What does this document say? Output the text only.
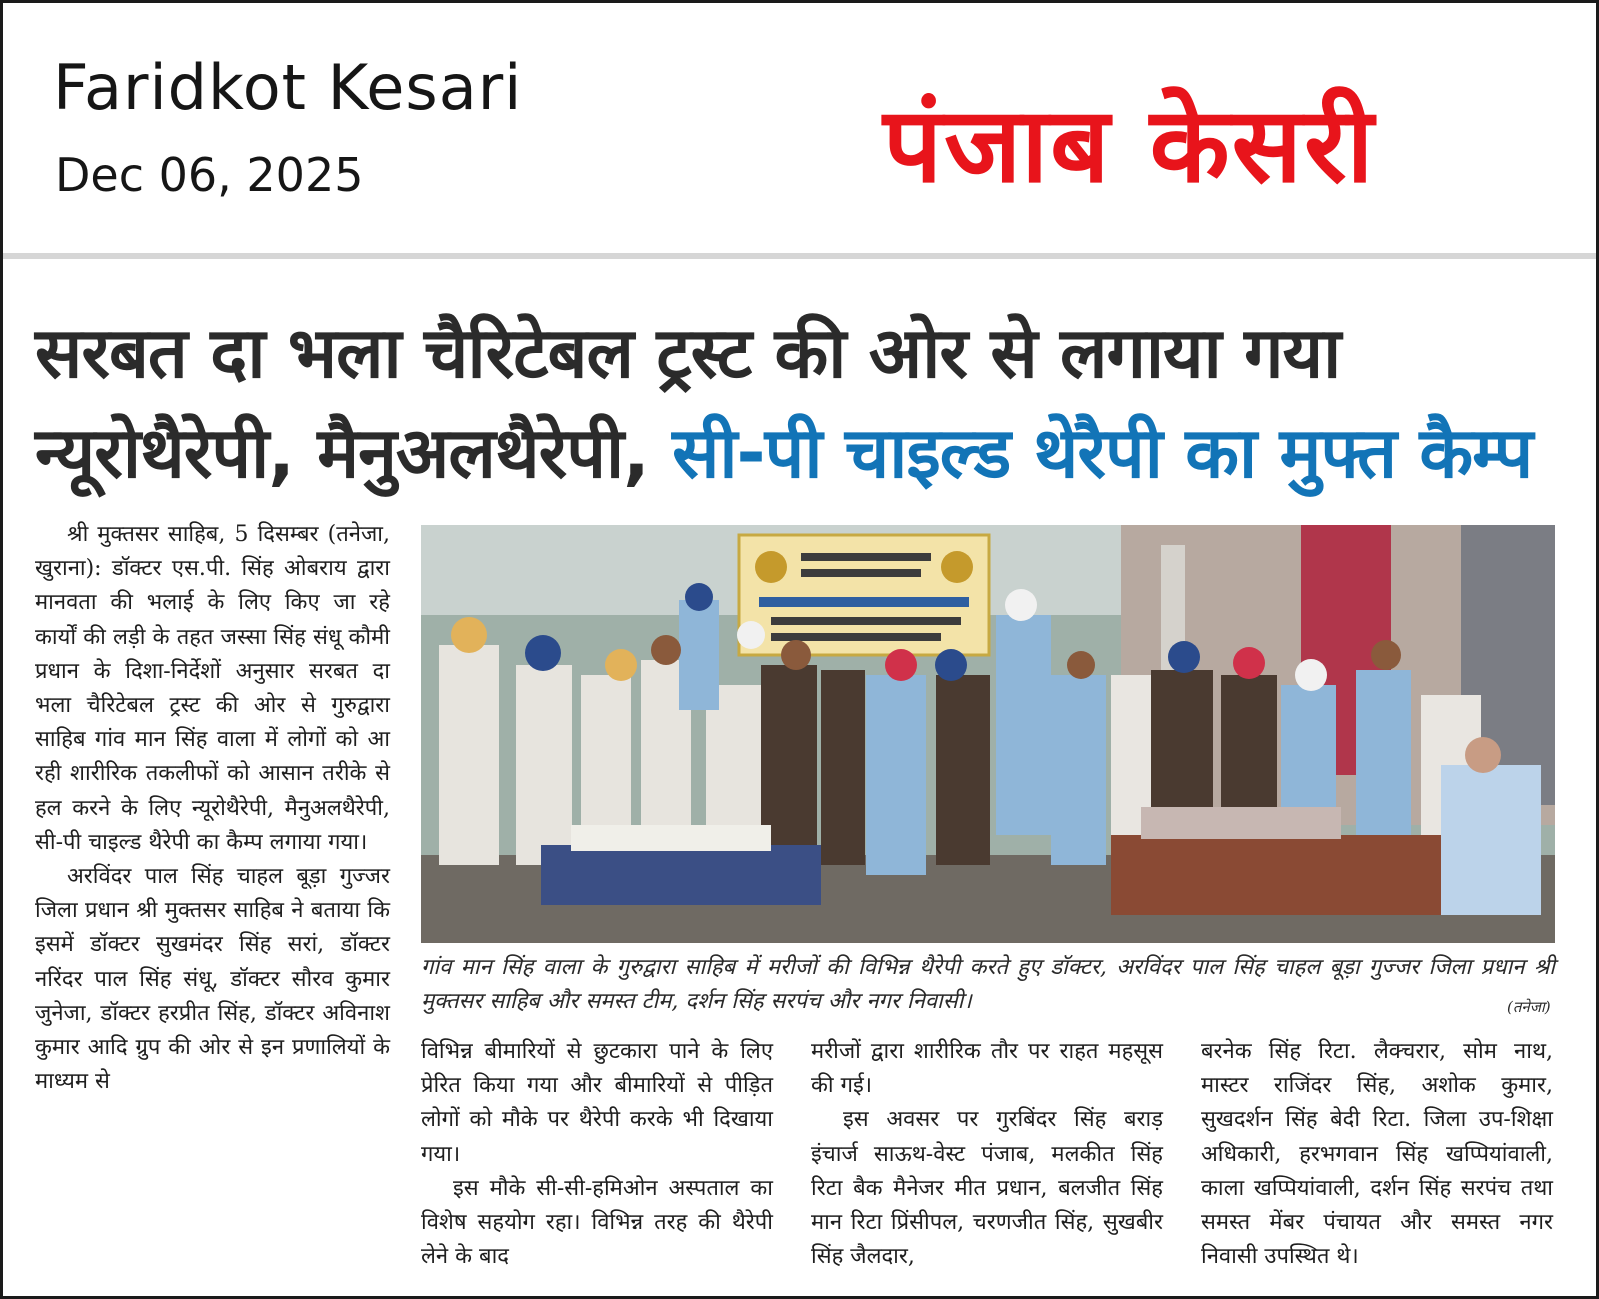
Faridkot Kesari
Dec 06, 2025	पंजाब केसरी
सरबत दा भला चैरिटेबल ट्रस्ट की ओर से लगाया गया न्यूरोथैरेपी, मैनुअलथैरेपी, सी-पी चाइल्ड थेरैपी का मुफ्त कैम्प

श्री मुक्तसर साहिब, 5 दिसम्बर (तनेजा, खुराना): डॉक्टर एस.पी. सिंह ओबराय द्वारा मानवता की भलाई के लिए किए जा रहे कार्यों की लड़ी के तहत जस्सा सिंह संधू कौमी प्रधान के दिशा-निर्देशों अनुसार सरबत दा भला चैरिटेबल ट्रस्ट की ओर से गुरुद्वारा साहिब गांव मान सिंह वाला में लोगों को आ रही शारीरिक तकलीफों को आसान तरीके से हल करने के लिए न्यूरोथैरेपी, मैनुअलथैरेपी, सी-पी चाइल्ड थैरेपी का कैम्प लगाया गया।

अरविंदर पाल सिंह चाहल बूड़ा गुज्जर जिला प्रधान श्री मुक्तसर साहिब ने बताया कि इसमें डॉक्टर सुखमंदर सिंह सरां, डॉक्टर नरिंदर पाल सिंह संधू, डॉक्टर सौरव कुमार जुनेजा, डॉक्टर हरप्रीत सिंह, डॉक्टर अविनाश कुमार आदि ग्रुप की ओर से इन प्रणालियों के माध्यम से

गांव मान सिंह वाला के गुरुद्वारा साहिब में मरीजों की विभिन्न थैरेपी करते हुए डॉक्टर, अरविंदर पाल सिंह चाहल बूड़ा गुज्जर जिला प्रधान श्री मुक्तसर साहिब और समस्त टीम, दर्शन सिंह सरपंच और नगर निवासी।	(तनेजा)

विभिन्न बीमारियों से छुटकारा पाने के लिए प्रेरित किया गया और बीमारियों से पीड़ित लोगों को मौके पर थैरेपी करके भी दिखाया गया।

इस मौके सी-सी-हमिओन अस्पताल का विशेष सहयोग रहा। विभिन्न तरह की थैरेपी लेने के बाद

मरीजों द्वारा शारीरिक तौर पर राहत महसूस की गई।

इस अवसर पर गुरबिंदर सिंह बराड़ इंचार्ज साऊथ-वेस्ट पंजाब, मलकीत सिंह रिटा बैक मैनेजर मीत प्रधान, बलजीत सिंह मान रिटा प्रिंसीपल, चरणजीत सिंह, सुखबीर सिंह जैलदार,

बरनेक सिंह रिटा. लैक्चरार, सोम नाथ, मास्टर राजिंदर सिंह, अशोक कुमार, सुखदर्शन सिंह बेदी रिटा. जिला उप-शिक्षा अधिकारी, हरभगवान सिंह खप्पियांवाली, काला खप्पियांवाली, दर्शन सिंह सरपंच तथा समस्त मेंबर पंचायत और समस्त नगर निवासी उपस्थित थे।
